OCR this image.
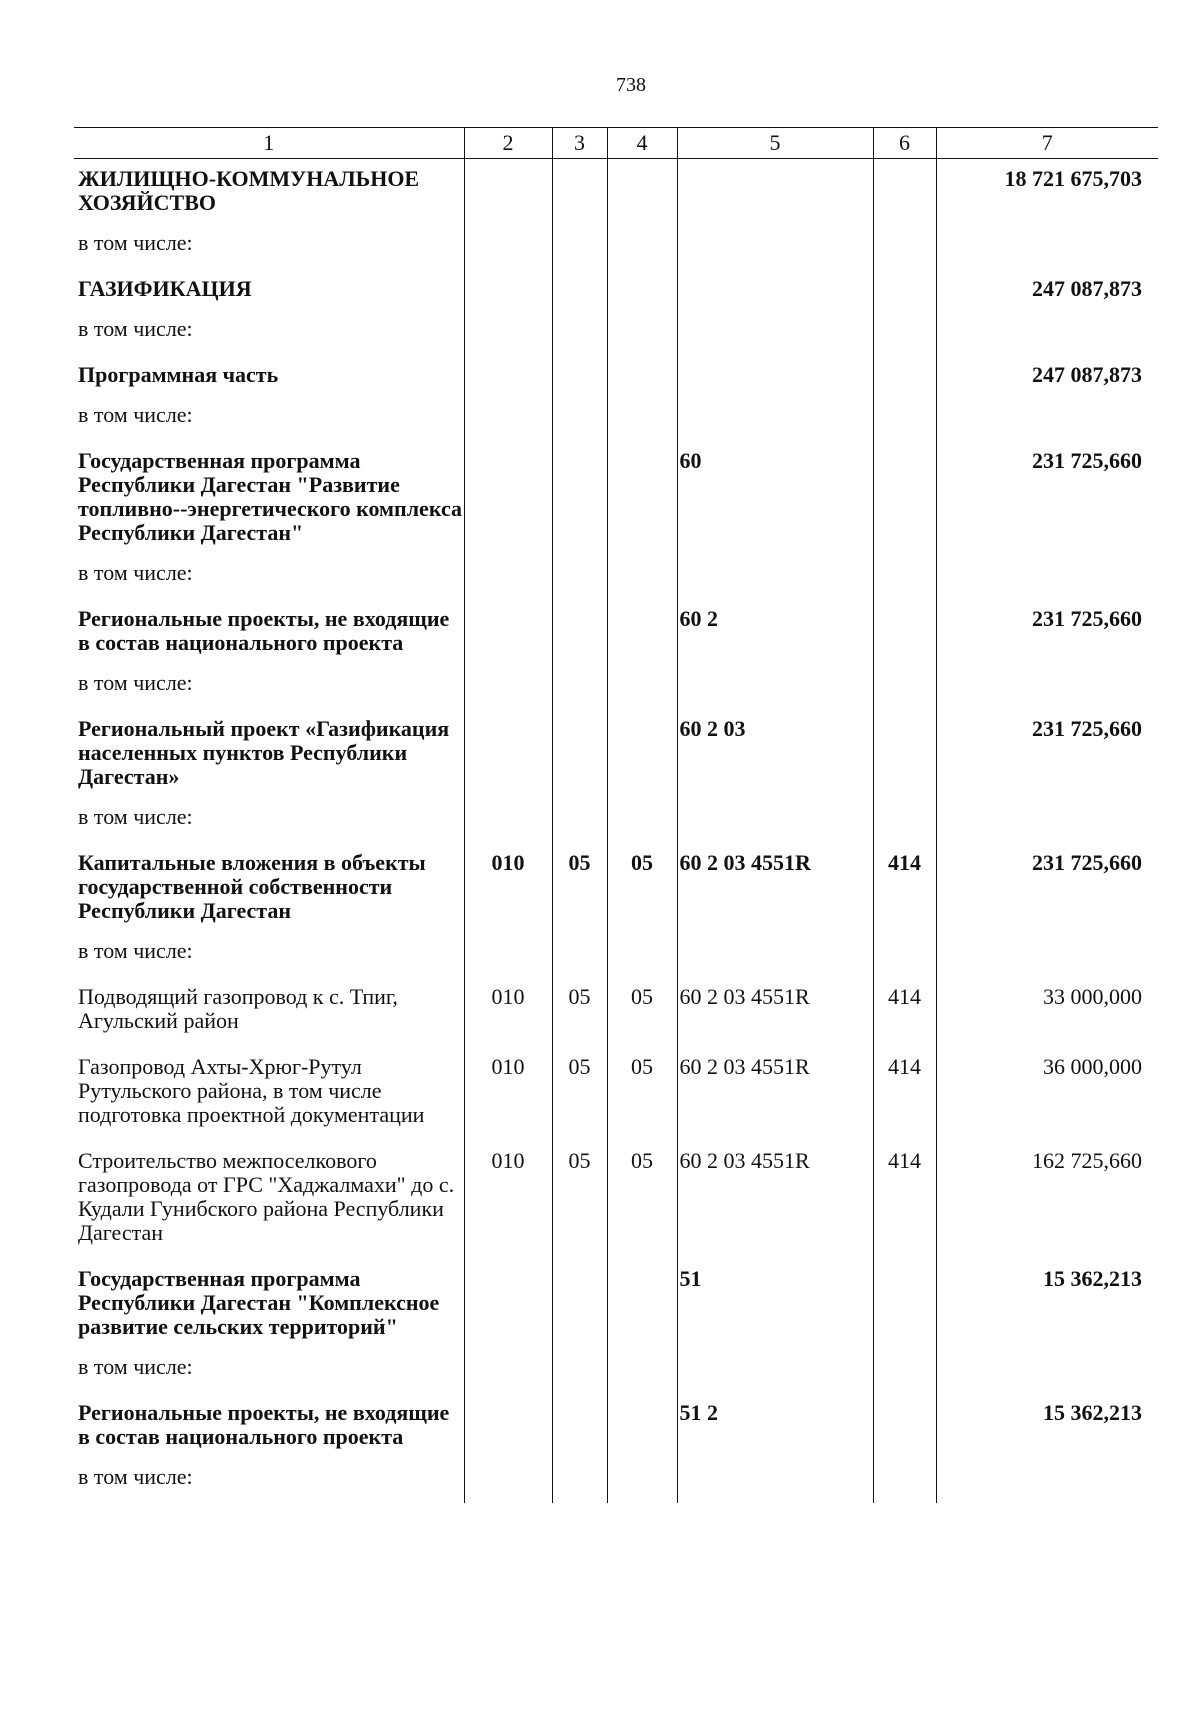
738
1	2	3	4	5	6	7
ЖИЛИЩНО-КОММУНАЛЬНОЕ ХОЗЯЙСТВО						18 721 675,703
в том числе:						
ГАЗИФИКАЦИЯ						247 087,873
в том числе:						
Программная часть						247 087,873
в том числе:						
Государственная программа Республики Дагестан "Развитие топливно--энергетического комплекса Республики Дагестан"				60		231 725,660
в том числе:						
Региональные проекты, не входящие в состав национального проекта				60 2		231 725,660
в том числе:						
Региональный проект «Газификация населенных пунктов Республики Дагестан»				60 2 03		231 725,660
в том числе:						
Капитальные вложения в объекты государственной собственности Республики Дагестан	010	05	05	60 2 03 4551R	414	231 725,660
в том числе:						
Подводящий газопровод к с. Тпиг, Агульский район	010	05	05	60 2 03 4551R	414	33 000,000
Газопровод Ахты-Хрюг-Рутул Рутульского района, в том числе подготовка проектной документации	010	05	05	60 2 03 4551R	414	36 000,000
Строительство межпоселкового газопровода от ГРС "Хаджалмахи" до с. Кудали Гунибского района Республики Дагестан	010	05	05	60 2 03 4551R	414	162 725,660
Государственная программа Республики Дагестан "Комплексное развитие сельских территорий"				51		15 362,213
в том числе:						
Региональные проекты, не входящие в состав национального проекта				51 2		15 362,213
в том числе:						
